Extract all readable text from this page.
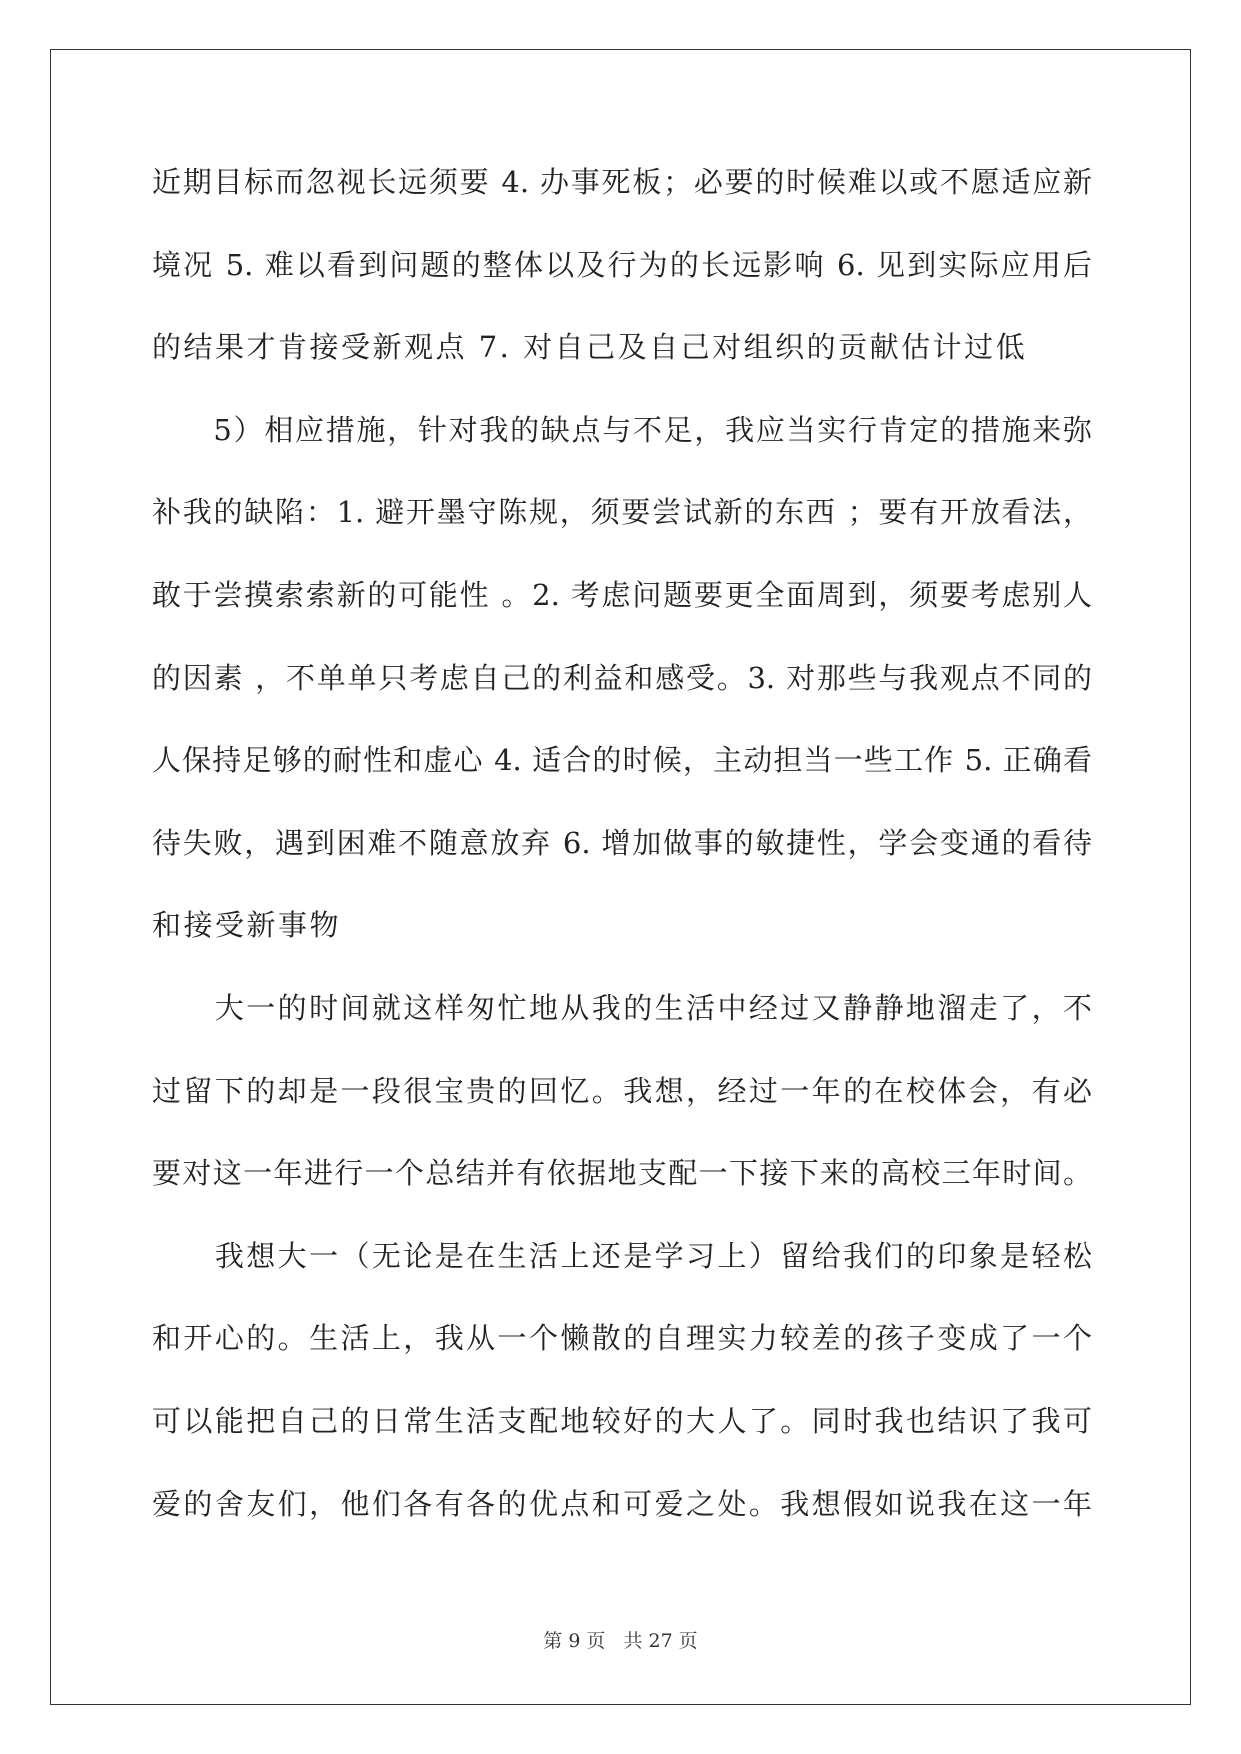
近期目标而忽视长远须要 4. 办事死板；必要的时候难以或不愿适应新
境况 5. 难以看到问题的整体以及行为的长远影响 6. 见到实际应用后
的结果才肯接受新观点 7. 对自己及自己对组织的贡献估计过低
　　5）相应措施，针对我的缺点与不足，我应当实行肯定的措施来弥
补我的缺陷：1. 避开墨守陈规，须要尝试新的东西 ；要有开放看法，
敢于尝摸索索新的可能性 。2. 考虑问题要更全面周到，须要考虑别人
的因素 ，不单单只考虑自己的利益和感受。3. 对那些与我观点不同的
人保持足够的耐性和虚心 4. 适合的时候，主动担当一些工作 5. 正确看
待失败，遇到困难不随意放弃 6. 增加做事的敏捷性，学会变通的看待
和接受新事物
　　大一的时间就这样匆忙地从我的生活中经过又静静地溜走了，不
过留下的却是一段很宝贵的回忆。我想，经过一年的在校体会，有必
要对这一年进行一个总结并有依据地支配一下接下来的高校三年时间。
　　我想大一（无论是在生活上还是学习上）留给我们的印象是轻松
和开心的。生活上，我从一个懒散的自理实力较差的孩子变成了一个
可以能把自己的日常生活支配地较好的大人了。同时我也结识了我可
爱的舍友们，他们各有各的优点和可爱之处。我想假如说我在这一年
第 9 页 共 27 页
